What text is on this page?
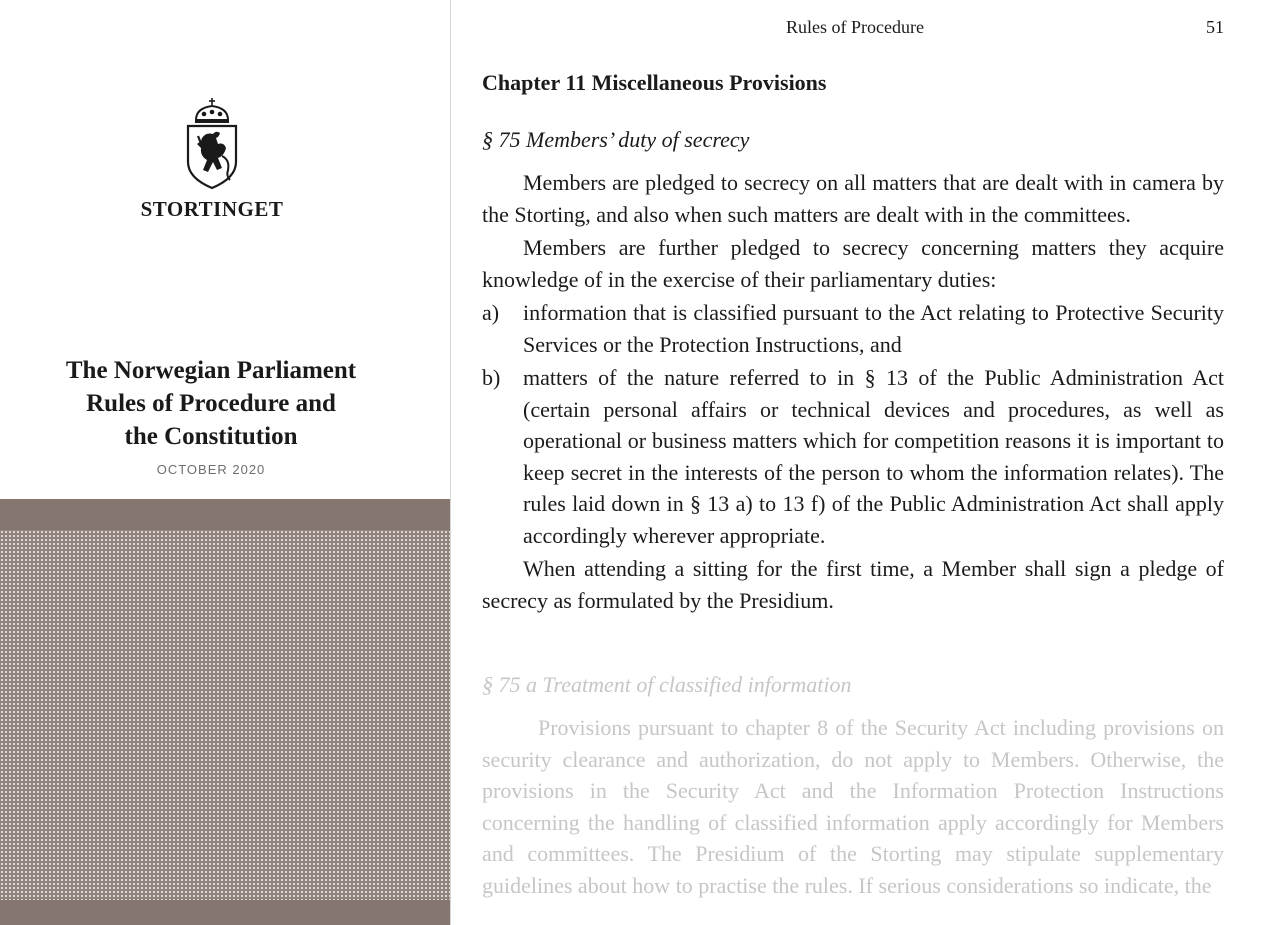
STORTINGET
The Norwegian Parliament
Rules of Procedure and
the Constitution
OCTOBER 2020
Rules of Procedure	51
Chapter 11 Miscellaneous Provisions
§ 75 Members’ duty of secrecy

Members are pledged to secrecy on all matters that are dealt with in camera by the Storting, and also when such matters are dealt with in the committees.

Members are further pledged to secrecy concerning matters they acquire knowledge of in the exercise of their parliamentary duties:

a) information that is classified pursuant to the Act relating to Protective Security Services or the Protection Instructions, and
b) matters of the nature referred to in § 13 of the Public Administration Act (certain personal affairs or technical devices and procedures, as well as operational or business matters which for competition reasons it is important to keep secret in the interests of the person to whom the information relates). The rules laid down in § 13 a) to 13 f) of the Public Administration Act shall apply accordingly wherever appropriate.

When attending a sitting for the first time, a Member shall sign a pledge of secrecy as formulated by the Presidium.

§ 75 a Treatment of classified information

Provisions pursuant to chapter 8 of the Security Act including provisions on security clearance and authorization, do not apply to Members. Otherwise, the provisions in the Security Act and the Information Protection Instructions concerning the handling of classified information apply accordingly for Members and committees. The Presidium of the Storting may stipulate supplementary guidelines about how to practise the rules. If serious considerations so indicate, the
